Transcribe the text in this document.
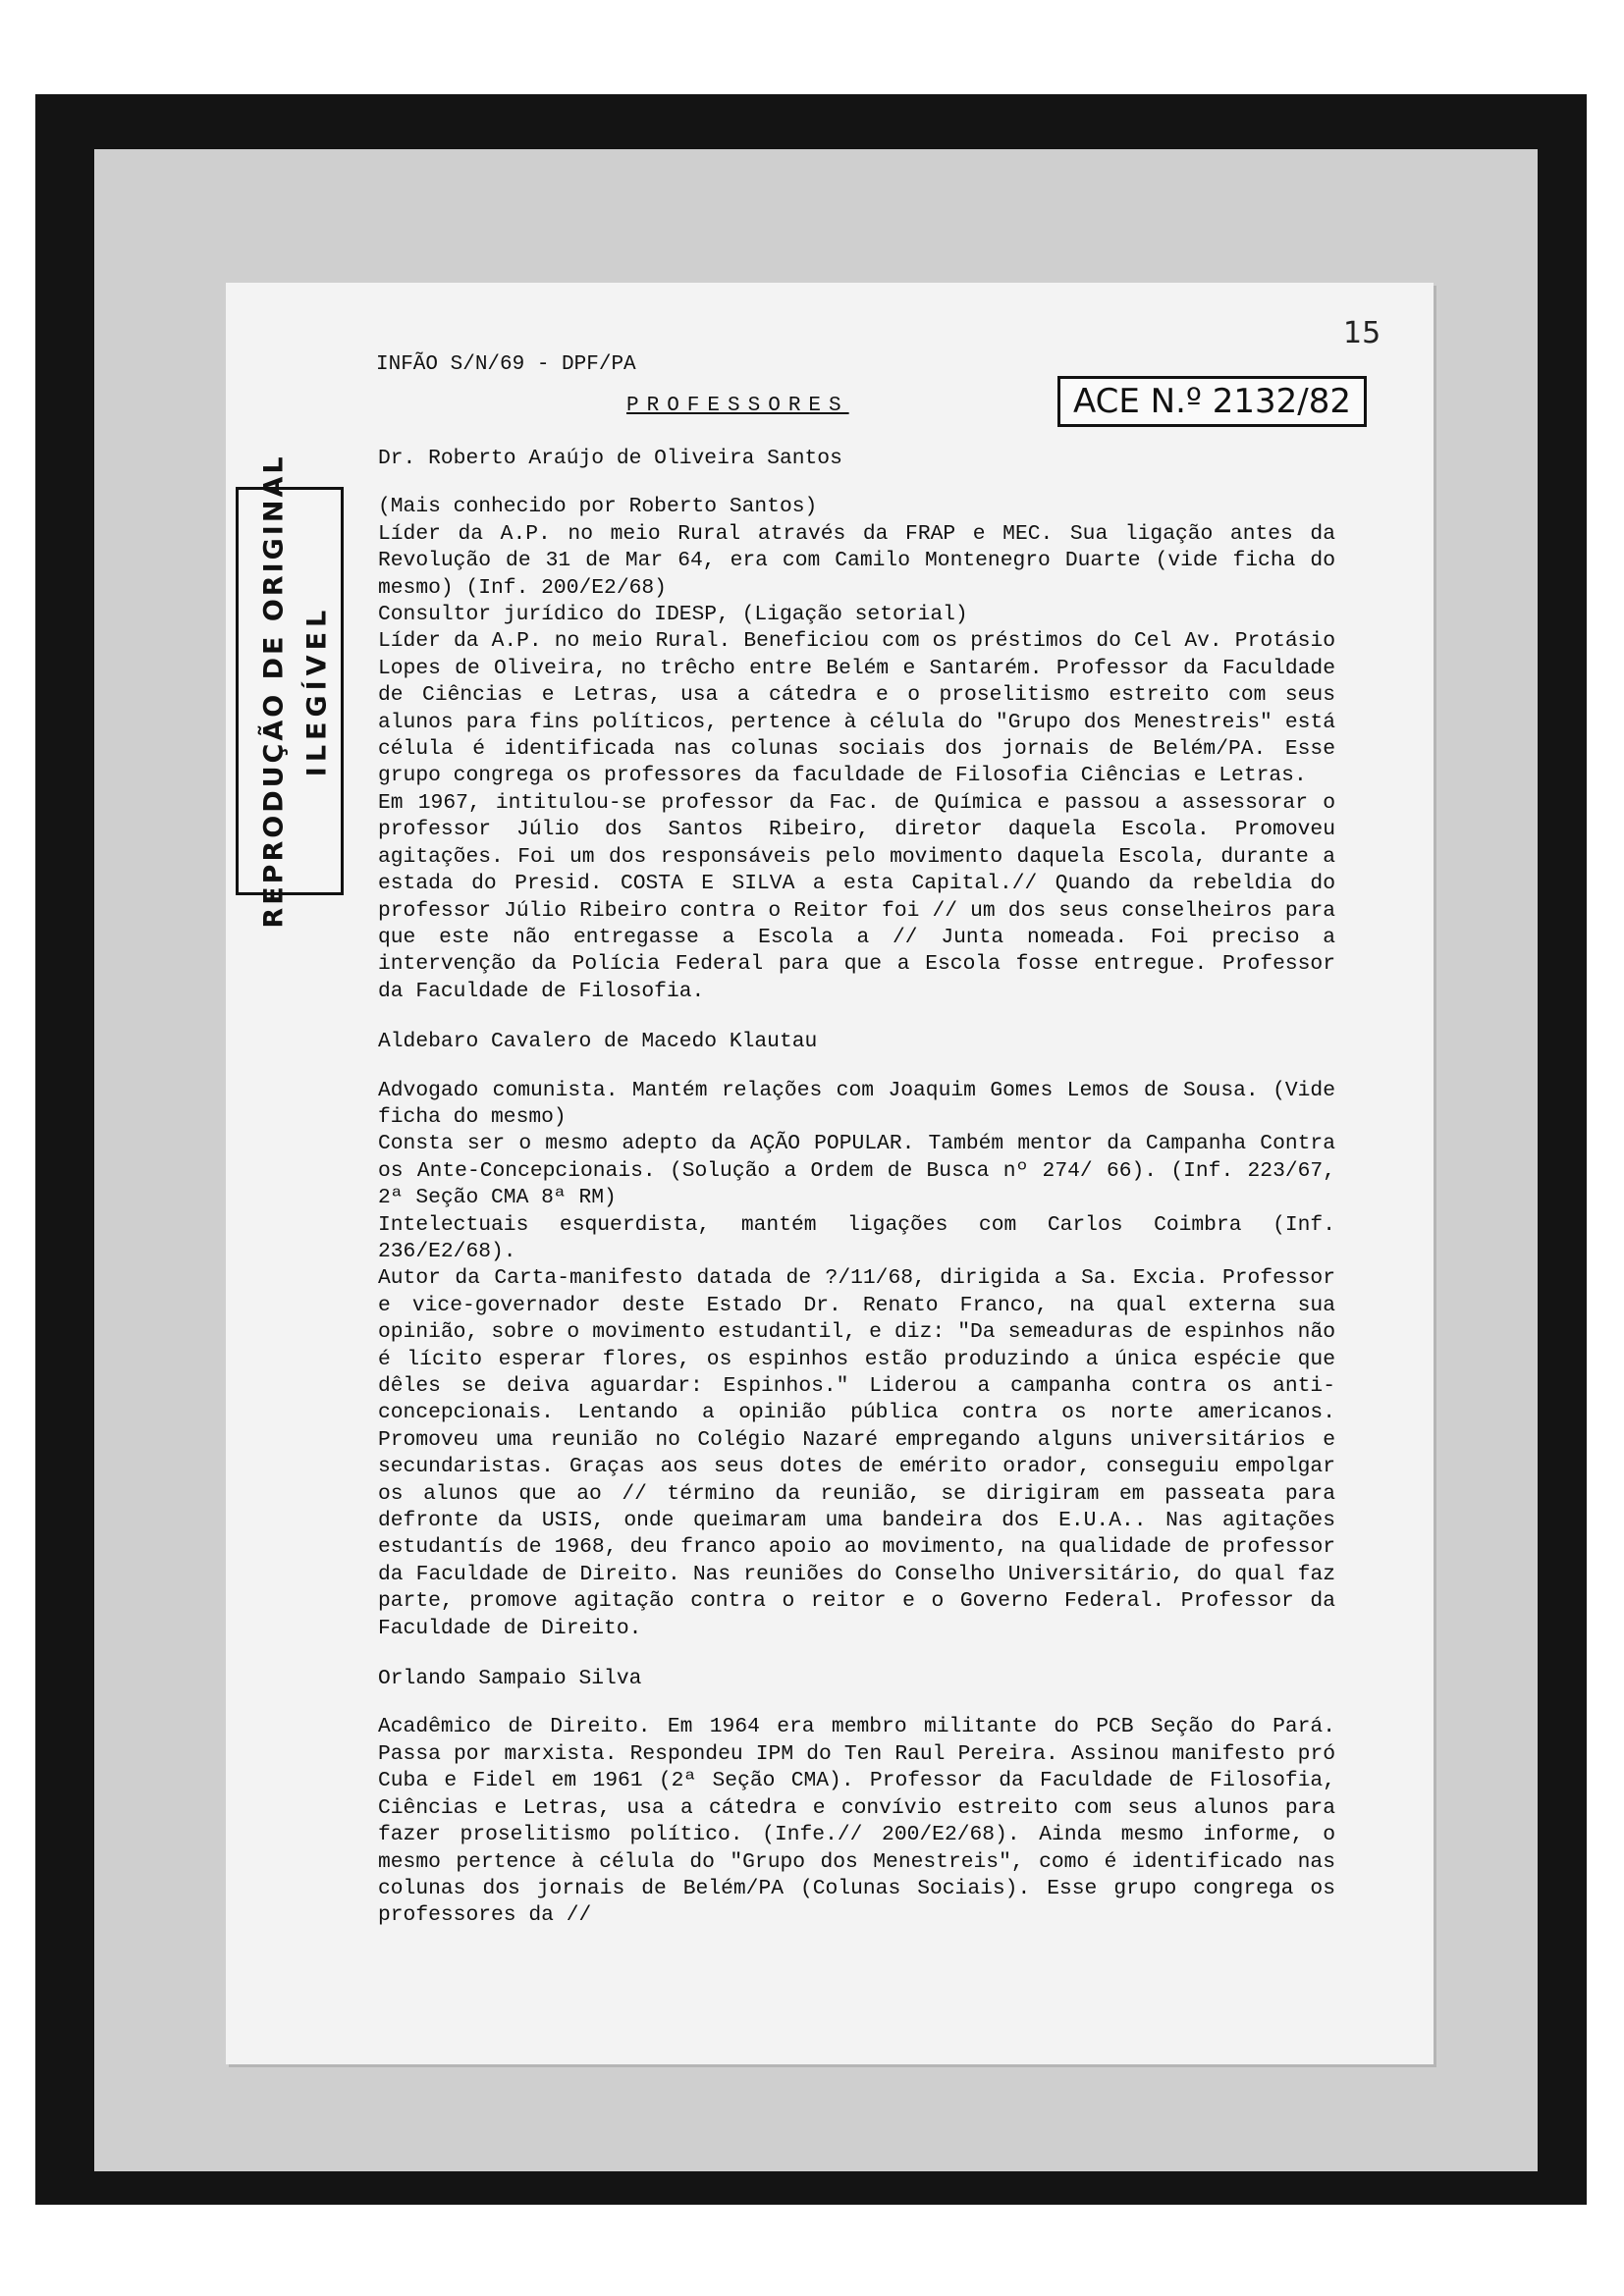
15
INFÃO S/N/69 - DPF/PA
PROFESSORES	ACE N.º 2132/82
REPRODUÇÃO DE ORIGINAL ILEGÍVEL
Dr. Roberto Araújo de Oliveira Santos
(Mais conhecido por Roberto Santos)
Líder da A.P. no meio Rural através da FRAP e MEC. Sua ligação antes da Revolução de 31 de Mar 64, era com Camilo Montenegro Duarte (vide ficha do mesmo) (Inf. 200/E2/68)
Consultor jurídico do IDESP, (Ligação setorial)
Líder da A.P. no meio Rural. Beneficiou com os préstimos do Cel Av. Protásio Lopes de Oliveira, no trêcho entre Belém e Santarém. Professor da Faculdade de Ciências e Letras, usa a cátedra e o proselitismo estreito com seus alunos para fins políticos, pertence à célula do "Grupo dos Menestreis" está célula é identificada nas colunas sociais dos jornais de Belém/PA. Esse grupo congrega os professores da faculdade de Filosofia Ciências e Letras.
Em 1967, intitulou-se professor da Fac. de Química e passou a assessorar o professor Júlio dos Santos Ribeiro, diretor daquela Escola. Promoveu agitações. Foi um dos responsáveis pelo movimento daquela Escola, durante a estada do Presid. COSTA E SILVA a esta Capital.// Quando da rebeldia do professor Júlio Ribeiro contra o Reitor foi // um dos seus conselheiros para que este não entregasse a Escola a // Junta nomeada. Foi preciso a intervenção da Polícia Federal para que a Escola fosse entregue. Professor da Faculdade de Filosofia.
Aldebaro Cavalero de Macedo Klautau
Advogado comunista. Mantém relações com Joaquim Gomes Lemos de Sousa. (Vide ficha do mesmo)
Consta ser o mesmo adepto da AÇÃO POPULAR. Também mentor da Campanha Contra os Ante-Concepcionais. (Solução a Ordem de Busca nº 274/ 66). (Inf. 223/67, 2ª Seção CMA 8ª RM)
Intelectuais esquerdista, mantém ligações com Carlos Coimbra (Inf. 236/E2/68).
Autor da Carta-manifesto datada de ?/11/68, dirigida a Sa. Excia. Professor e vice-governador deste Estado Dr. Renato Franco, na qual externa sua opinião, sobre o movimento estudantil, e diz: "Da semeaduras de espinhos não é lícito esperar flores, os espinhos estão produzindo a única espécie que dêles se deiva aguardar: Espinhos." Liderou a campanha contra os anti-concepcionais. Lentando a opinião pública contra os norte americanos. Promoveu uma reunião no Colégio Nazaré empregando alguns universitários e secundaristas. Graças aos seus dotes de emérito orador, conseguiu empolgar os alunos que ao // término da reunião, se dirigiram em passeata para defronte da USIS, onde queimaram uma bandeira dos E.U.A.. Nas agitações estudantís de 1968, deu franco apoio ao movimento, na qualidade de professor da Faculdade de Direito. Nas reuniões do Conselho Universitário, do qual faz parte, promove agitação contra o reitor e o Governo Federal. Professor da Faculdade de Direito.
Orlando Sampaio Silva
Acadêmico de Direito. Em 1964 era membro militante do PCB Seção do Pará. Passa por marxista. Respondeu IPM do Ten Raul Pereira. Assinou manifesto pró Cuba e Fidel em 1961 (2ª Seção CMA). Professor da Faculdade de Filosofia, Ciências e Letras, usa a cátedra e convívio estreito com seus alunos para fazer proselitismo político. (Infe.// 200/E2/68). Ainda mesmo informe, o mesmo pertence à célula do "Grupo dos Menestreis", como é identificado nas colunas dos jornais de Belém/PA (Colunas Sociais). Esse grupo congrega os professores da //
